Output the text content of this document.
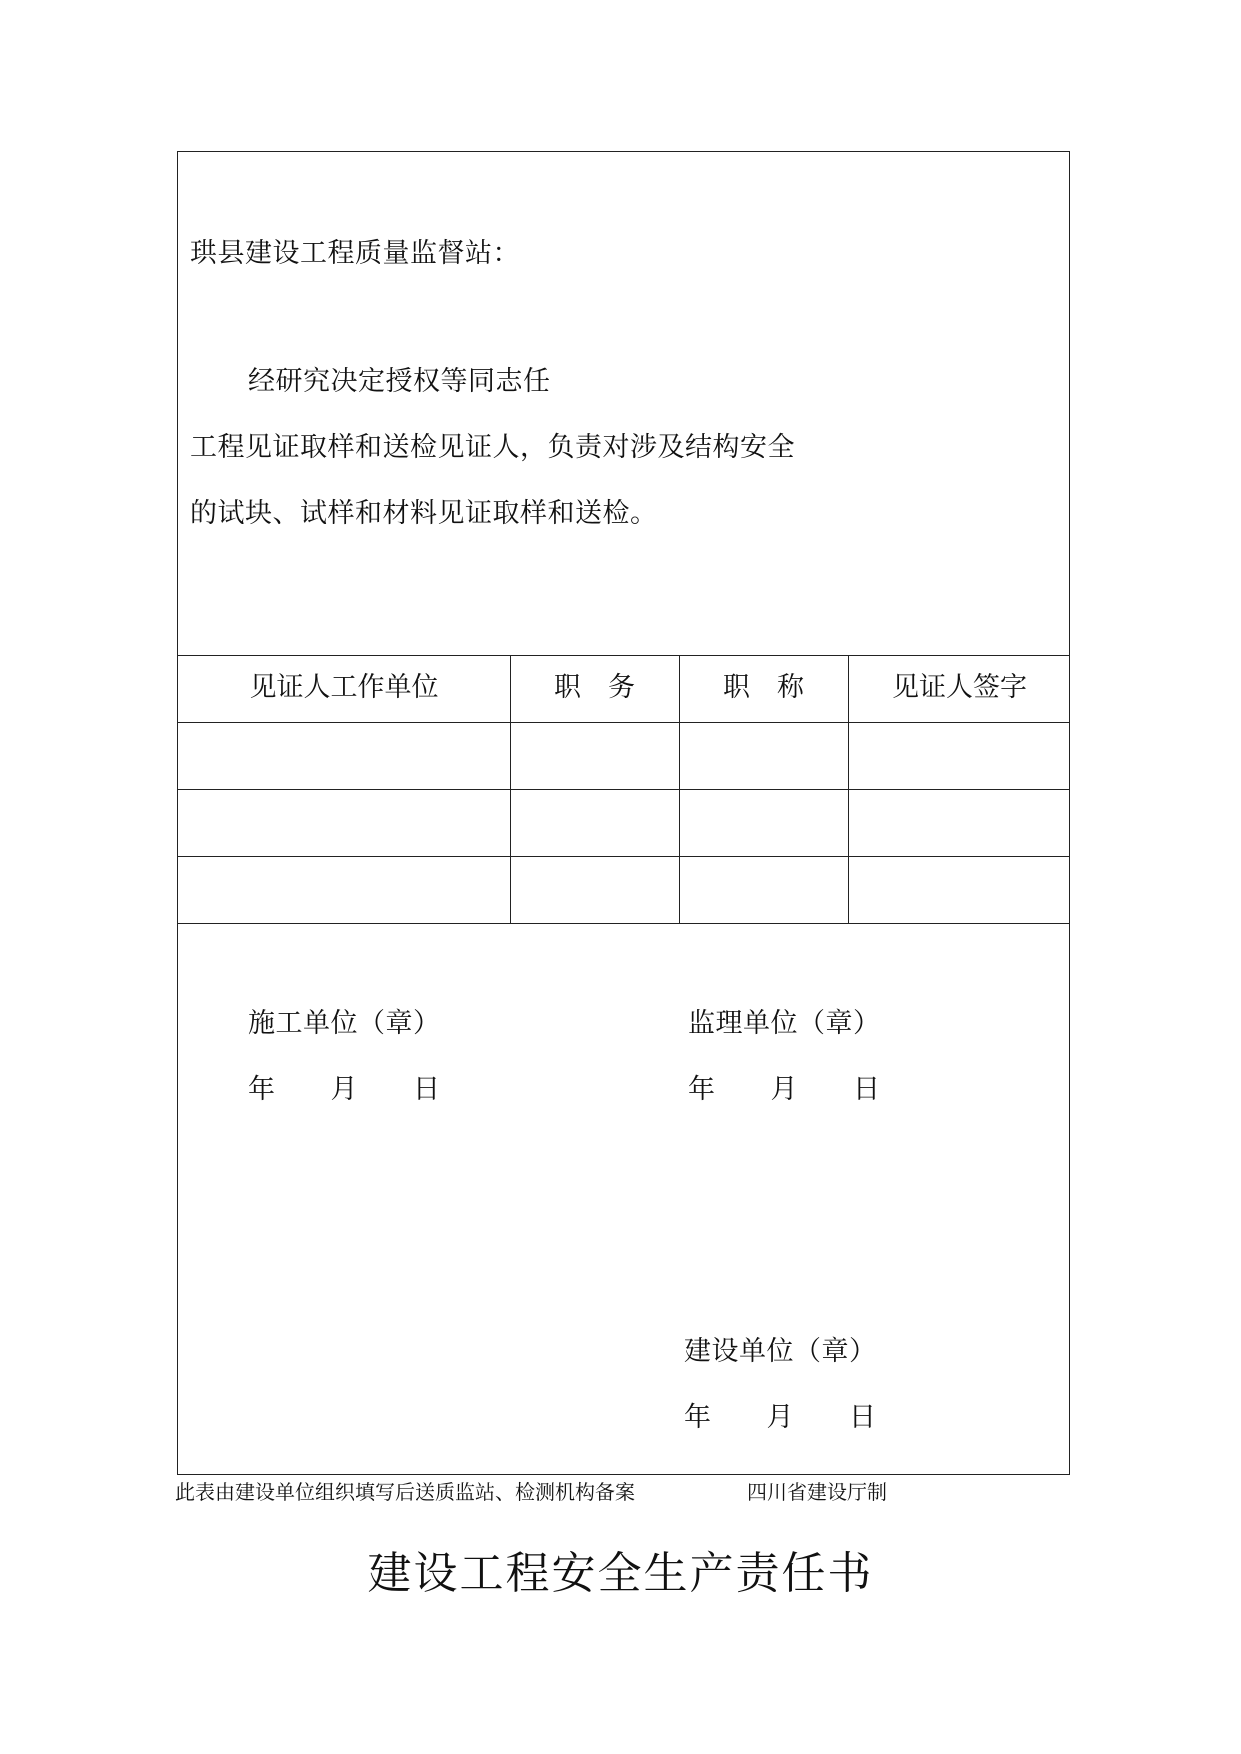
珙县建设工程质量监督站：
经研究决定授权等同志任
工程见证取样和送检见证人，负责对涉及结构安全
的试块、试样和材料见证取样和送检。
见证人工作单位	职　务	职　称	见证人签字
施工单位（章）
年　　月　　日
监理单位（章）
年　　月　　日
建设单位（章）
年　　月　　日
此表由建设单位组织填写后送质监站、检测机构备案	四川省建设厅制
建设工程安全生产责任书
